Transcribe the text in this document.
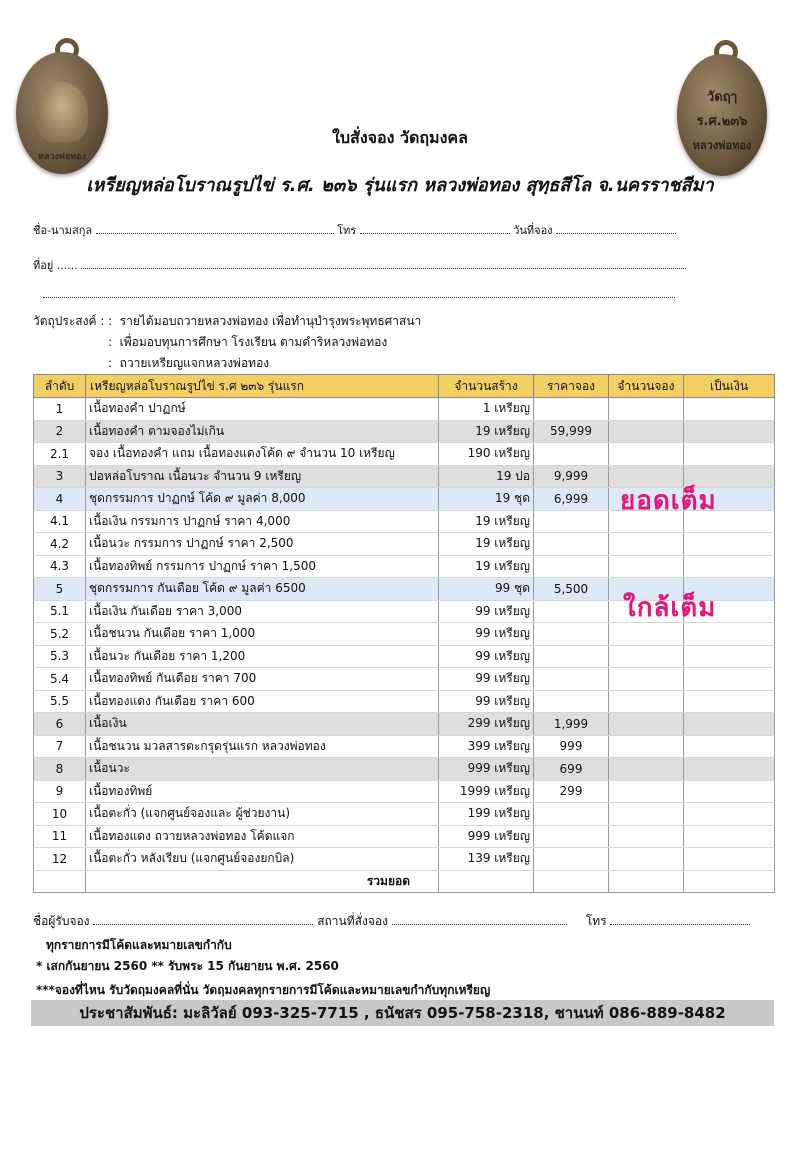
หลวงพ่อทอง
วัดฤๅ
ร.ศ.๒๓๖
หลวงพ่อทอง
ใบสั่งจอง วัดฤมงคล
เหรียญหล่อโบราณรูปไข่ ร.ศ. ๒๓๖ รุ่นแรก หลวงพ่อทอง สุทฺธสีโล จ.นครราชสีมา
ชื่อ-นามสกุล	โทร	วันที่จอง
ที่อยู่ ......
วัตถุประสงค์ : :  รายได้มอบถวายหลวงพ่อทอง เพื่อทำนุบำรุงพระพุทธศาสนา
:  เพื่อมอบทุนการศึกษา โรงเรียน ตามดำริหลวงพ่อทอง
:  ถวายเหรียญแจกหลวงพ่อทอง
ลำดับ	เหรียญหล่อโบราณรูปไข่ ร.ศ ๒๓๖ รุ่นแรก	จำนวนสร้าง	ราคาจอง	จำนวนจอง	เป็นเงิน
1	เนื้อทองคำ ปาฏกษ์	1 เหรียญ			
2	เนื้อทองคำ ตามจองไม่เกิน	19 เหรียญ	59,999		
2.1	จอง เนื้อทองคำ แถม เนื้อทองแดงโค้ด ๙ จำนวน 10 เหรียญ	190 เหรียญ			
3	ปอหล่อโบราณ เนื้อนวะ จำนวน 9 เหรียญ	19 ปอ	9,999		
4	ชุดกรรมการ ปาฏกษ์ โค้ด ๙ มูลค่า 8,000	19 ชุด	6,999		
4.1	เนื้อเงิน กรรมการ ปาฏกษ์ ราคา 4,000	19 เหรียญ			
4.2	เนื้อนวะ กรรมการ ปาฏกษ์ ราคา 2,500	19 เหรียญ			
4.3	เนื้อทองทิพย์ กรรมการ ปาฏกษ์ ราคา 1,500	19 เหรียญ			
5	ชุดกรรมการ กันเดือย โค้ด ๙ มูลค่า 6500	99 ชุด	5,500		
5.1	เนื้อเงิน กันเดือย ราคา 3,000	99 เหรียญ			
5.2	เนื้อชนวน กันเดือย ราคา 1,000	99 เหรียญ			
5.3	เนื้อนวะ กันเดือย ราคา 1,200	99 เหรียญ			
5.4	เนื้อทองทิพย์ กันเดือย ราคา 700	99 เหรียญ			
5.5	เนื้อทองแดง กันเดือย ราคา 600	99 เหรียญ			
6	เนื้อเงิน	299 เหรียญ	1,999		
7	เนื้อชนวน มวลสารตะกรุดรุ่นแรก หลวงพ่อทอง	399 เหรียญ	999		
8	เนื้อนวะ	999 เหรียญ	699		
9	เนื้อทองทิพย์	1999 เหรียญ	299		
10	เนื้อตะกั่ว (แจกศูนย์จองและ ผู้ช่วยงาน)	199 เหรียญ			
11	เนื้อทองแดง ถวายหลวงพ่อทอง โค้ดแจก	999 เหรียญ			
12	เนื้อตะกั่ว หลังเรียบ (แจกศูนย์จองยกบิล)	139 เหรียญ			
	รวมยอด				
ยอดเต็ม
ใกล้เต็ม
ชื่อผู้รับจอง	สถานที่สั่งจอง	โทร
ทุกรายการมีโค้ดและหมายเลขกำกับ
* เสกกันยายน 2560 ** รับพระ 15 กันยายน พ.ศ. 2560
***จองที่ไหน รับวัดฤมงคลที่นั่น วัดฤมงคลทุกรายการมีโค้ดและหมายเลขกำกับทุกเหรียญ
ประชาสัมพันธ์: มะลิวัลย์ 093-325-7715 , ธนัชสร 095-758-2318, ชานนท์ 086-889-8482
